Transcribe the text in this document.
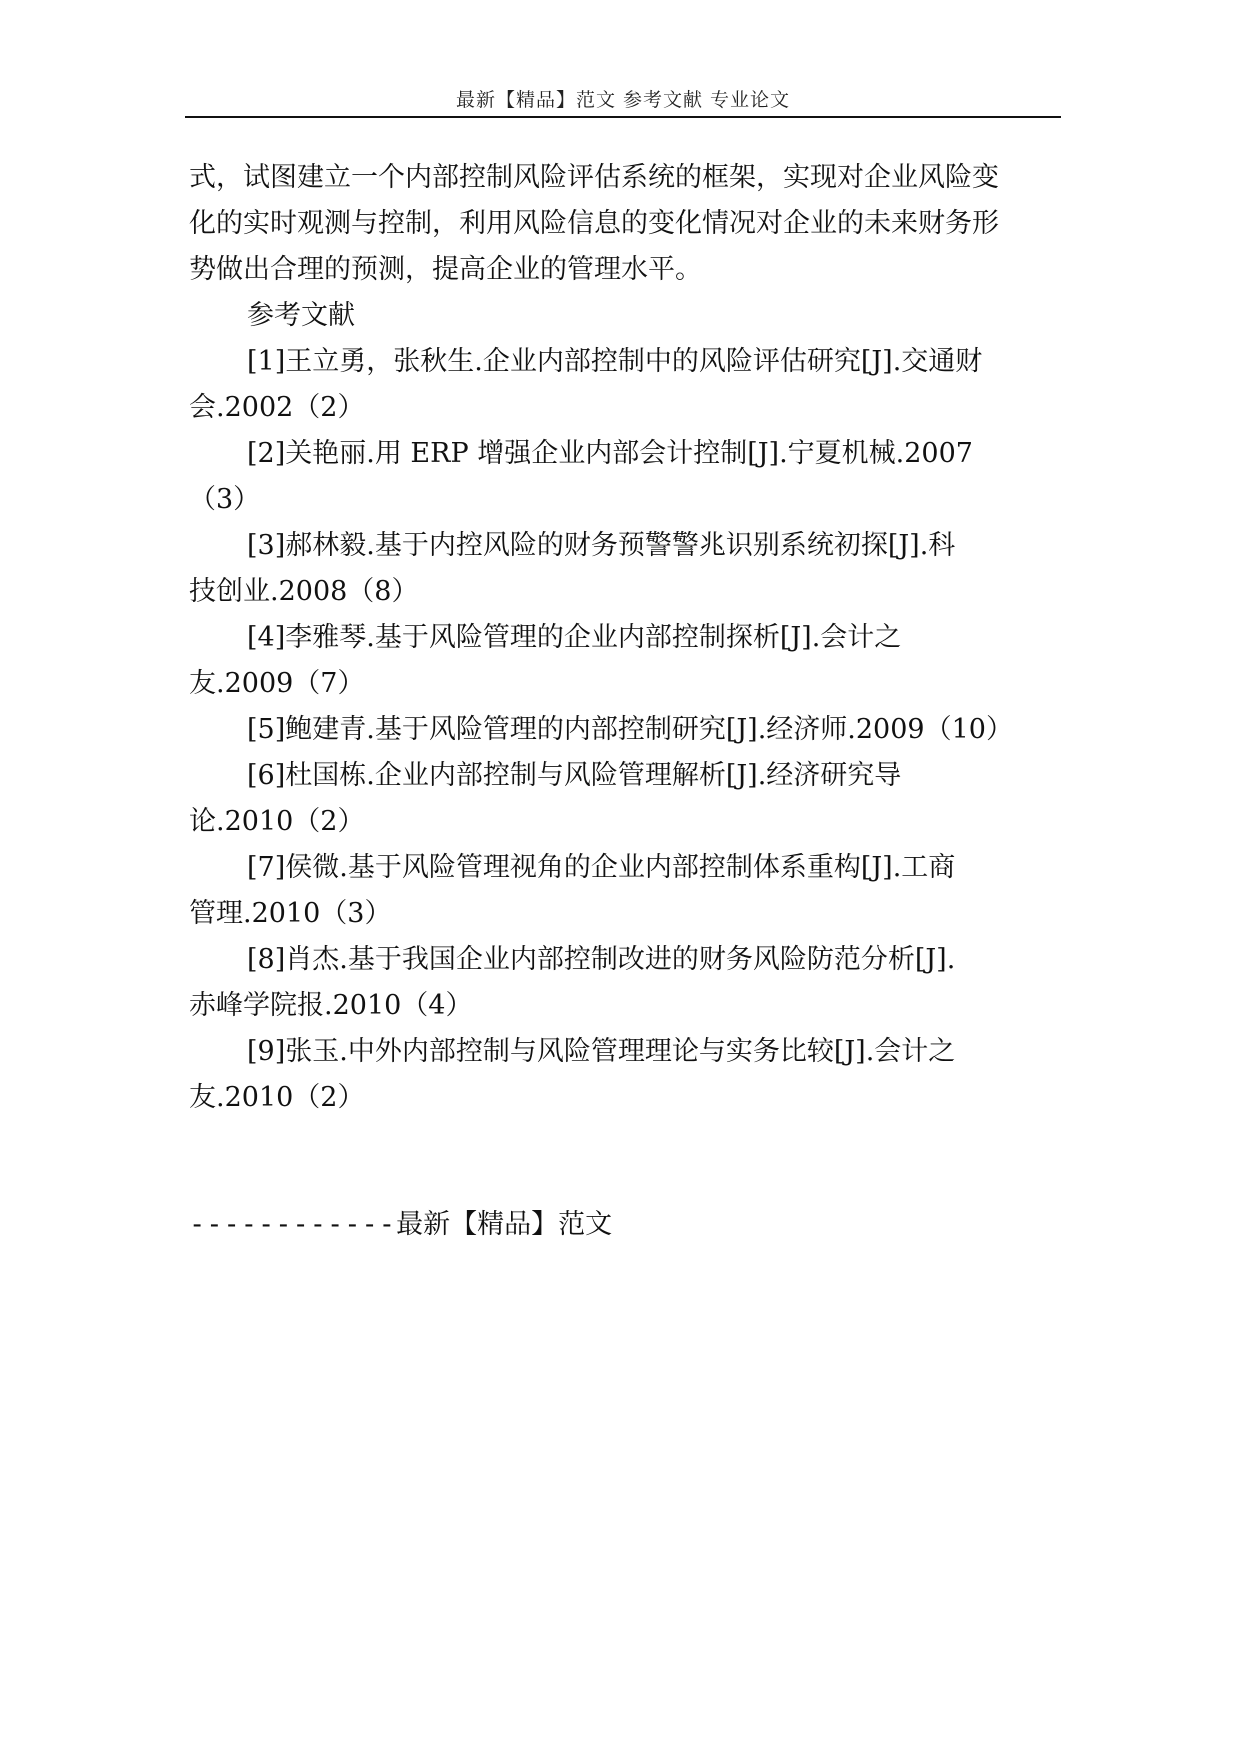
最新【精品】范文 参考文献 专业论文
式，试图建立一个内部控制风险评估系统的框架，实现对企业风险变
化的实时观测与控制，利用风险信息的变化情况对企业的未来财务形
势做出合理的预测，提高企业的管理水平。
参考文献
[1]王立勇，张秋生.企业内部控制中的风险评估研究[J].交通财
会.2002（2）
[2]关艳丽.用 ERP 增强企业内部会计控制[J].宁夏机械.2007
（3）
[3]郝林毅.基于内控风险的财务预警警兆识别系统初探[J].科
技创业.2008（8）
[4]李雅琴.基于风险管理的企业内部控制探析[J].会计之
友.2009（7）
[5]鲍建青.基于风险管理的内部控制研究[J].经济师.2009（10）
[6]杜国栋.企业内部控制与风险管理解析[J].经济研究导
论.2010（2）
[7]侯微.基于风险管理视角的企业内部控制体系重构[J].工商
管理.2010（3）
[8]肖杰.基于我国企业内部控制改进的财务风险防范分析[J].
赤峰学院报.2010（4）
[9]张玉.中外内部控制与风险管理理论与实务比较[J].会计之
友.2010（2）
------------最新【精品】范文
